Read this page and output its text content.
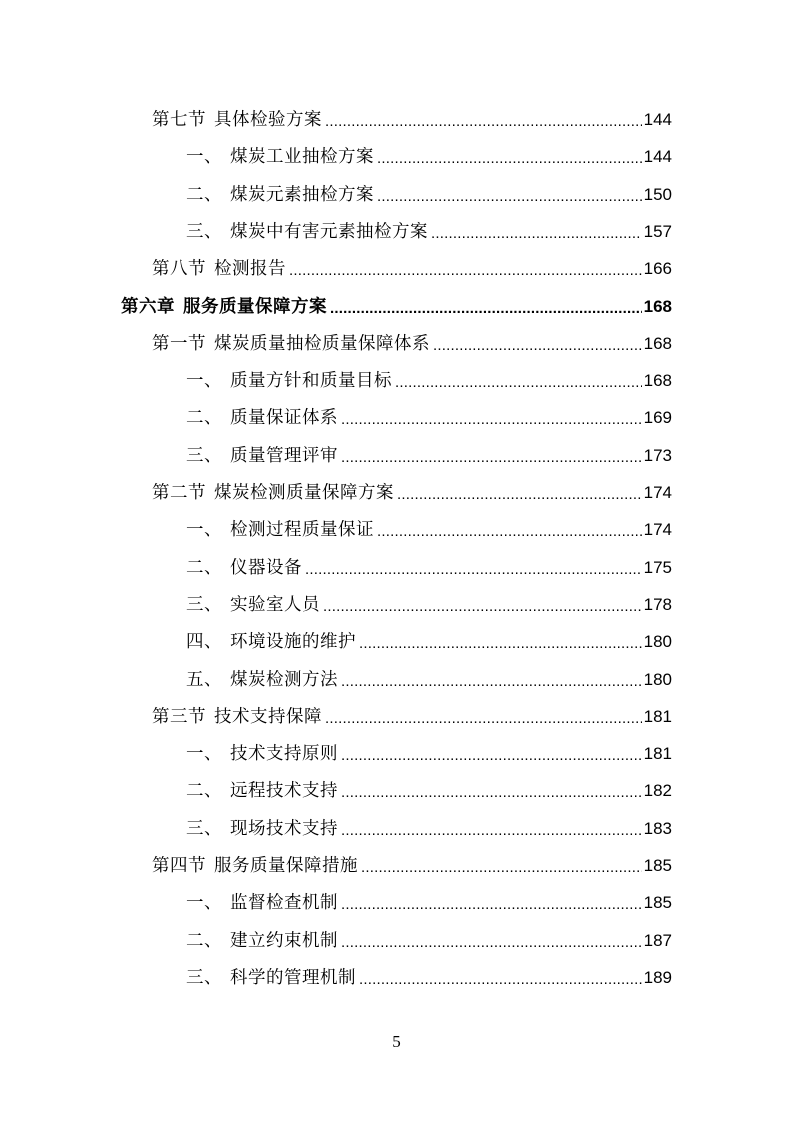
第七节 具体检验方案 .....	144
一、 煤炭工业抽检方案 .....	144
二、 煤炭元素抽检方案 .....	150
三、 煤炭中有害元素抽检方案 .....	157
第八节 检测报告 .....	166
第六章 服务质量保障方案 .....	168
第一节 煤炭质量抽检质量保障体系 .....	168
一、 质量方针和质量目标 .....	168
二、 质量保证体系 .....	169
三、 质量管理评审 .....	173
第二节 煤炭检测质量保障方案 .....	174
一、 检测过程质量保证 .....	174
二、 仪器设备 .....	175
三、 实验室人员 .....	178
四、 环境设施的维护 .....	180
五、 煤炭检测方法 .....	180
第三节 技术支持保障 .....	181
一、 技术支持原则 .....	181
二、 远程技术支持 .....	182
三、 现场技术支持 .....	183
第四节 服务质量保障措施 .....	185
一、 监督检查机制 .....	185
二、 建立约束机制 .....	187
三、 科学的管理机制 .....	189
5
